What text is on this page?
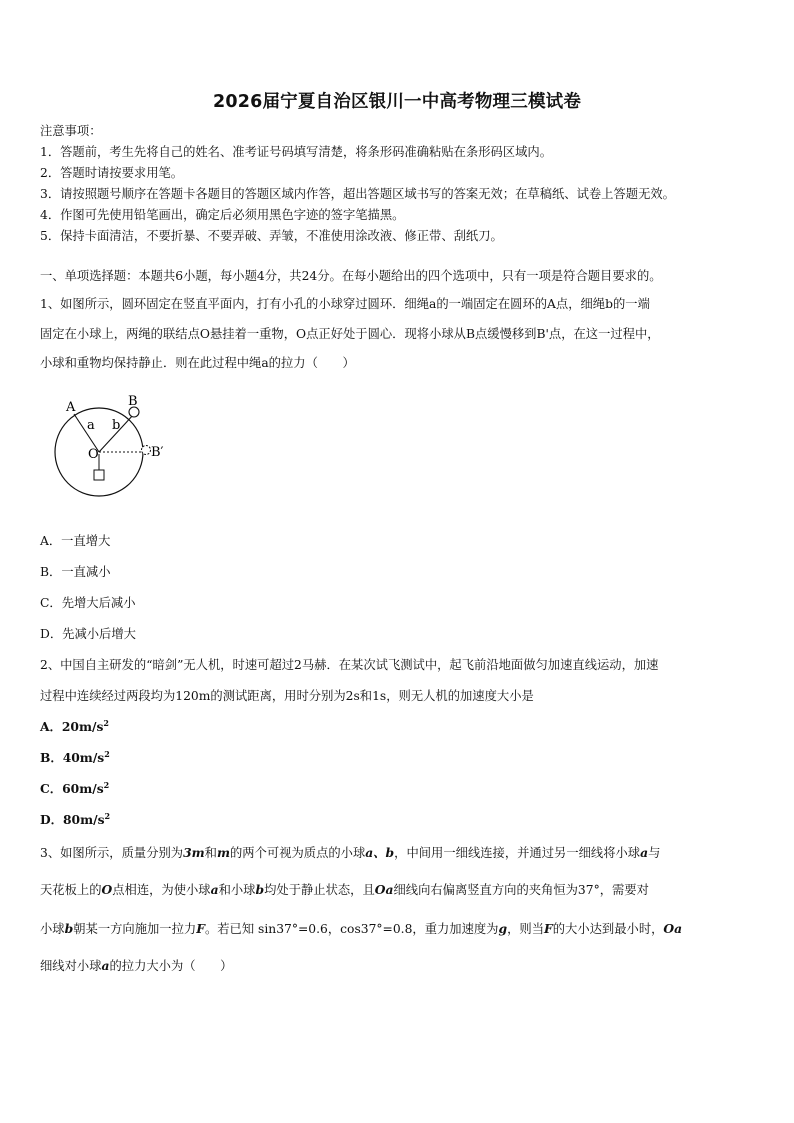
2026届宁夏自治区银川一中高考物理三模试卷
注意事项：
1．答题前，考生先将自己的姓名、准考证号码填写清楚，将条形码准确粘贴在条形码区域内。
2．答题时请按要求用笔。
3．请按照题号顺序在答题卡各题目的答题区域内作答，超出答题区域书写的答案无效；在草稿纸、试卷上答题无效。
4．作图可先使用铅笔画出，确定后必须用黑色字迹的签字笔描黑。
5．保持卡面清洁，不要折暴、不要弄破、弄皱，不准使用涂改液、修正带、刮纸刀。
一、单项选择题：本题共6小题，每小题4分，共24分。在每小题给出的四个选项中，只有一项是符合题目要求的。
1、如图所示，圆环固定在竖直平面内，打有小孔的小球穿过圆环．细绳a的一端固定在圆环的A点，细绳b的一端
固定在小球上，两绳的联结点O悬挂着一重物，O点正好处于圆心．现将小球从B点缓慢移到B'点，在这一过程中，
小球和重物均保持静止．则在此过程中绳a的拉力（　　）
A	B
a b
O	B′
A．一直增大
B．一直减小
C．先增大后减小
D．先减小后增大
2、中国自主研发的“暗剑”无人机，时速可超过2马赫．在某次试飞测试中，起飞前沿地面做匀加速直线运动，加速
过程中连续经过两段均为120m的测试距离，用时分别为2s和1s，则无人机的加速度大小是
A．$20m/s^2$
B．$40m/s^2$
C．$60m/s^2$
D．$80m/s^2$
3、如图所示，质量分别为3m和m的两个可视为质点的小球a、b，中间用一细线连接，并通过另一细线将小球a与
天花板上的O点相连，为使小球a和小球b均处于静止状态，且Oa细线向右偏离竖直方向的夹角恒为37°，需要对
小球b朝某一方向施加一拉力F。若已知 sin37°=0.6，cos37°=0.8，重力加速度为g，则当F的大小达到最小时，Oa
细线对小球a的拉力大小为（　　）
